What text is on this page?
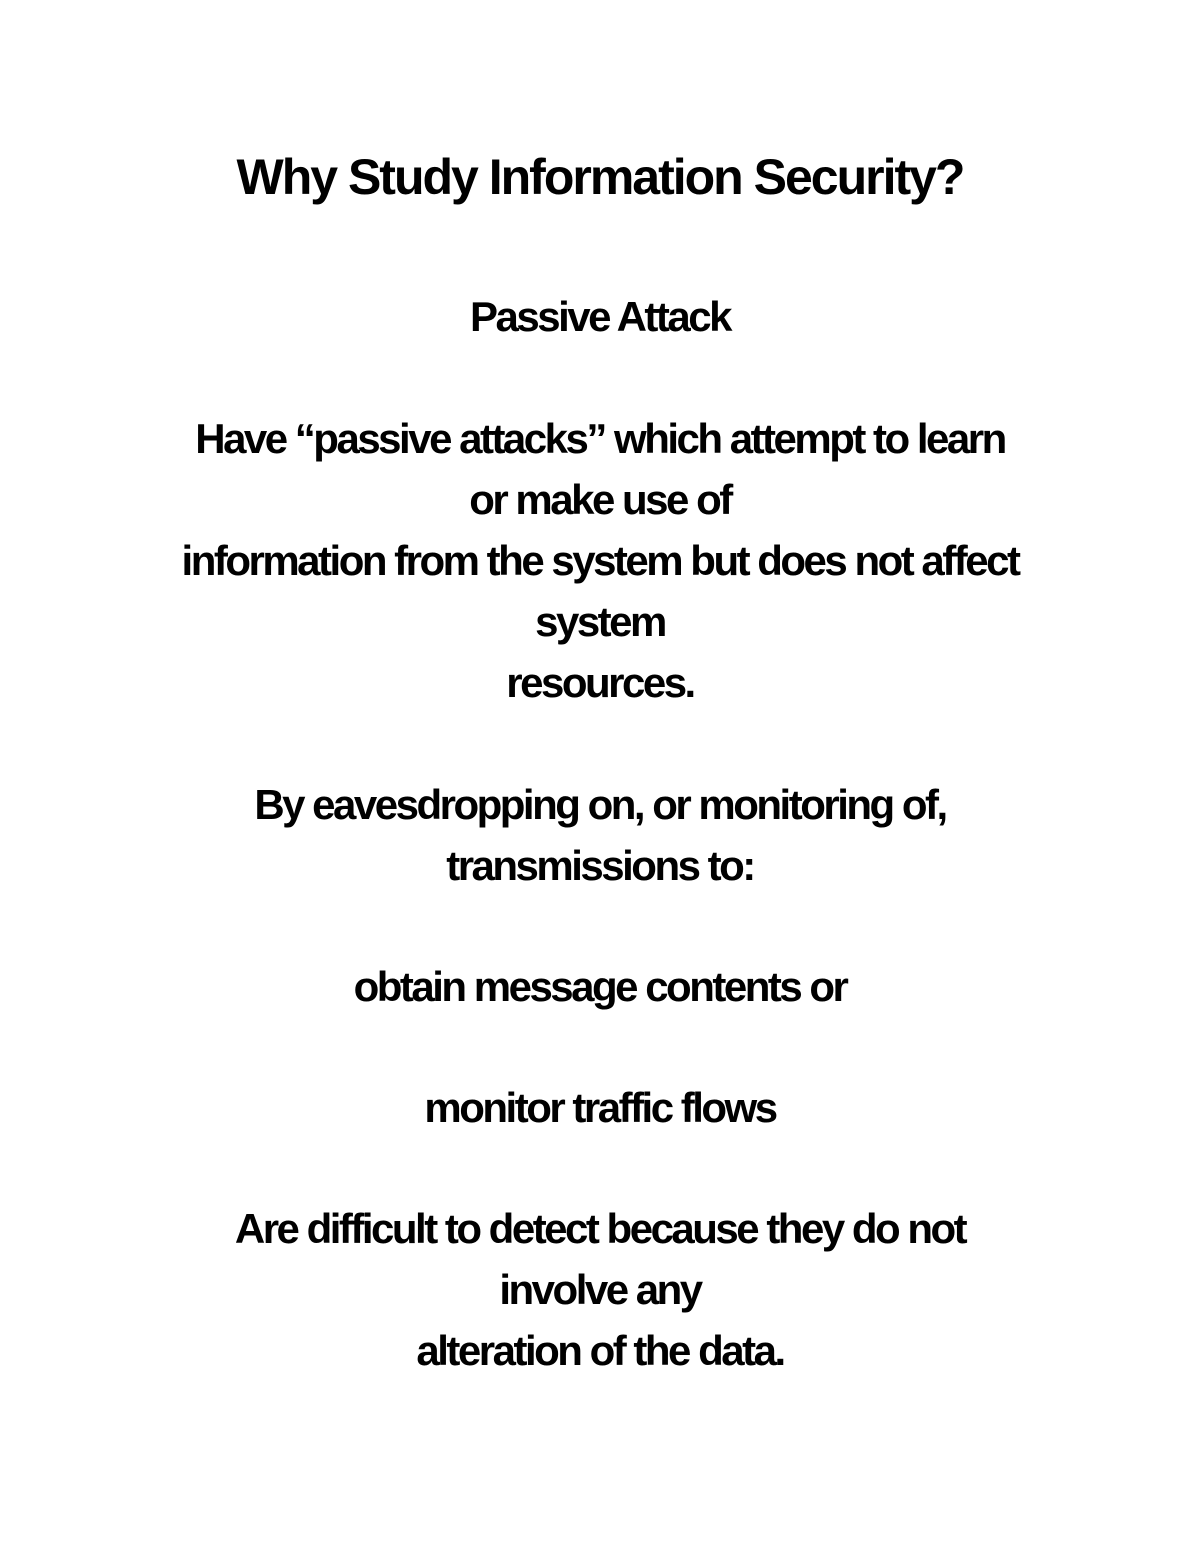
Why Study Information Security?
Passive Attack
Have “passive attacks” which attempt to learn
or make use of
information from the system but does not affect
system
resources.
By eavesdropping on, or monitoring of,
transmissions to:
obtain message contents or
monitor traffic flows
Are difficult to detect because they do not
involve any
alteration of the data.
